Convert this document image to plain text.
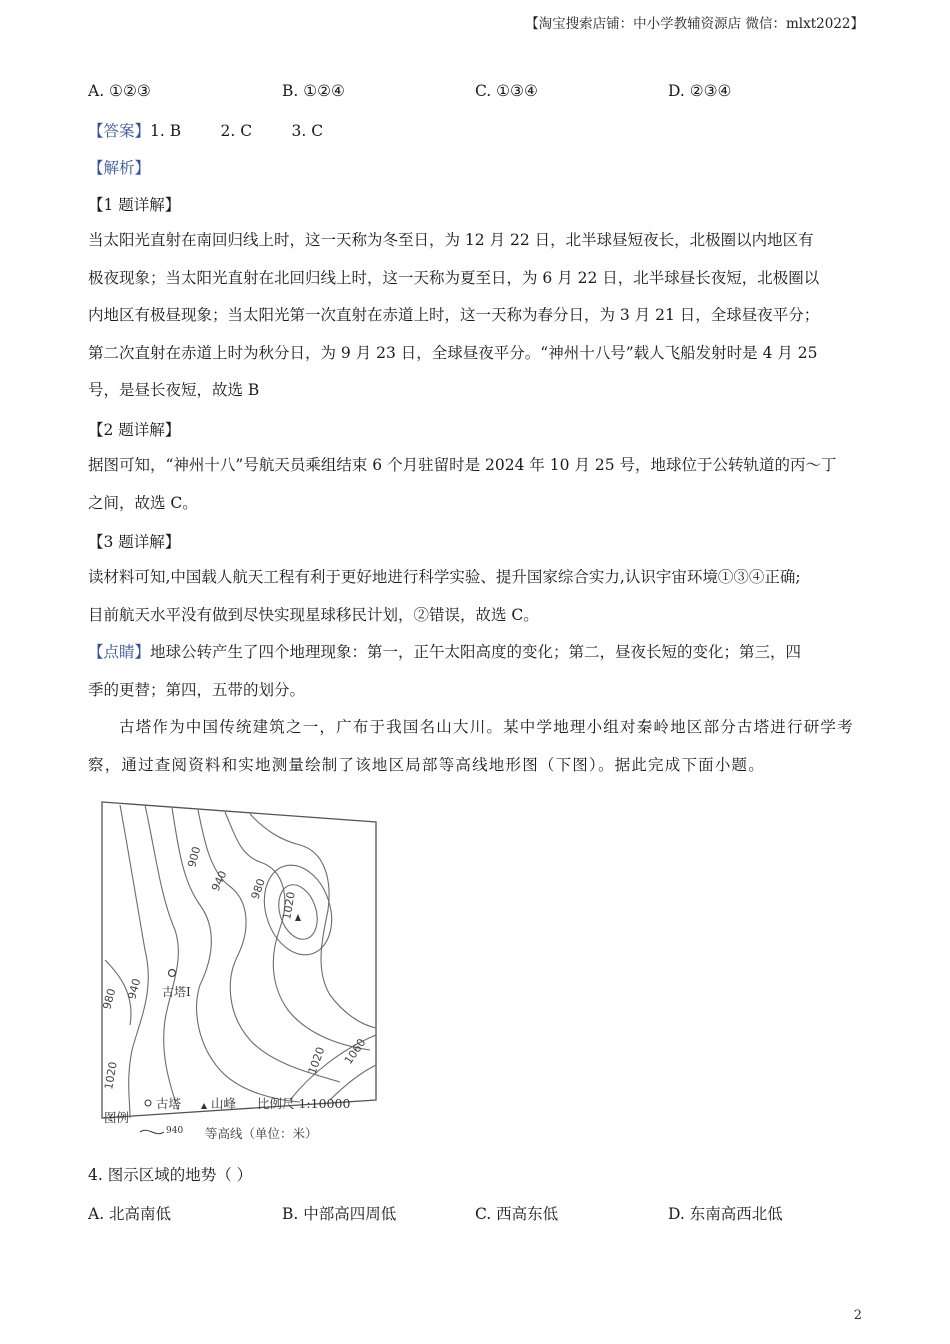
【淘宝搜索店铺：中小学教辅资源店 微信：mlxt2022】
A. ①②③	B. ①②④	C. ①③④	D. ②③④
【答案】1. B        2. C        3. C
【解析】
【1 题详解】
当太阳光直射在南回归线上时，这一天称为冬至日，为 12 月 22 日，北半球昼短夜长，北极圈以内地区有
极夜现象；当太阳光直射在北回归线上时，这一天称为夏至日，为 6 月 22 日，北半球昼长夜短，北极圈以
内地区有极昼现象；当太阳光第一次直射在赤道上时，这一天称为春分日，为 3 月 21 日，全球昼夜平分；
第二次直射在赤道上时为秋分日，为 9 月 23 日，全球昼夜平分。“神州十八号”载人飞船发射时是 4 月 25
号，是昼长夜短，故选 B
【2 题详解】
据图可知，“神州十八”号航天员乘组结束 6 个月驻留时是 2024 年 10 月 25 号，地球位于公转轨道的丙～丁
之间，故选 C。
【3 题详解】
读材料可知,中国载人航天工程有利于更好地进行科学实验、提升国家综合实力,认识宇宙环境①③④正确;
目前航天水平没有做到尽快实现星球移民计划，②错误，故选 C。
【点睛】地球公转产生了四个地理现象：第一，正午太阳高度的变化；第二，昼夜长短的变化；第三，四
季的更替；第四，五带的划分。
古塔作为中国传统建筑之一，广布于我国名山大川。某中学地理小组对秦岭地区部分古塔进行研学考
察，通过查阅资料和实地测量绘制了该地区局部等高线地形图（下图）。据此完成下面小题。
900
940 980
1020
980 940
1020	1020 1060
古塔Ⅰ
图例
古塔 山峰 比例尺 1:10000
940 等高线（单位：米）
4. 图示区域的地势（ ）
A. 北高南低	B. 中部高四周低	C. 西高东低	D. 东南高西北低
2
